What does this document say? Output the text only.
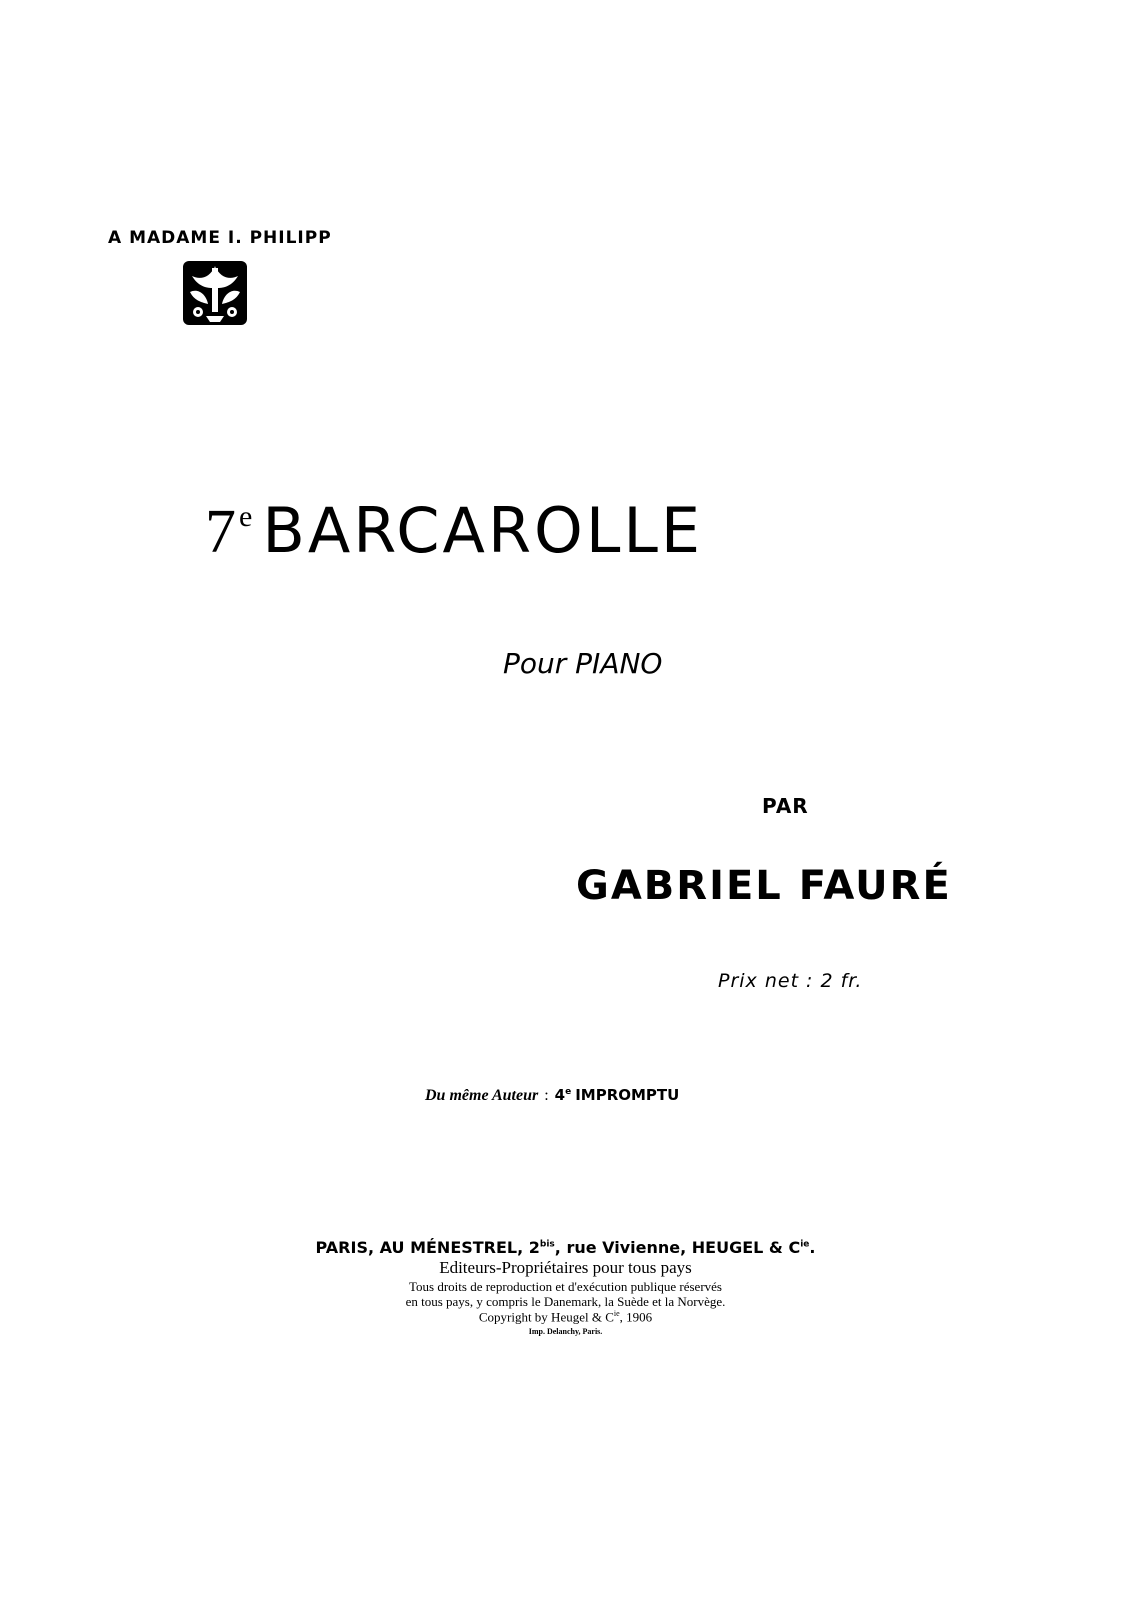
A MADAME I. PHILIPP
7e BARCAROLLE
Pour PIANO
PAR
GABRIEL FAURÉ
Prix net : 2 fr.
Du même Auteur : 4e IMPROMPTU
PARIS, AU MÉNESTREL, $2^{bis}$, rue Vivienne, HEUGEL & $C^{ie}$.
Editeurs-Propriétaires pour tous pays
Tous droits de reproduction et d'exécution publique réservés
en tous pays, y compris le Danemark, la Suède et la Norvège.
Copyright by Heugel & $C^{ie}$, 1906
Imp. Delanchy, Paris.
